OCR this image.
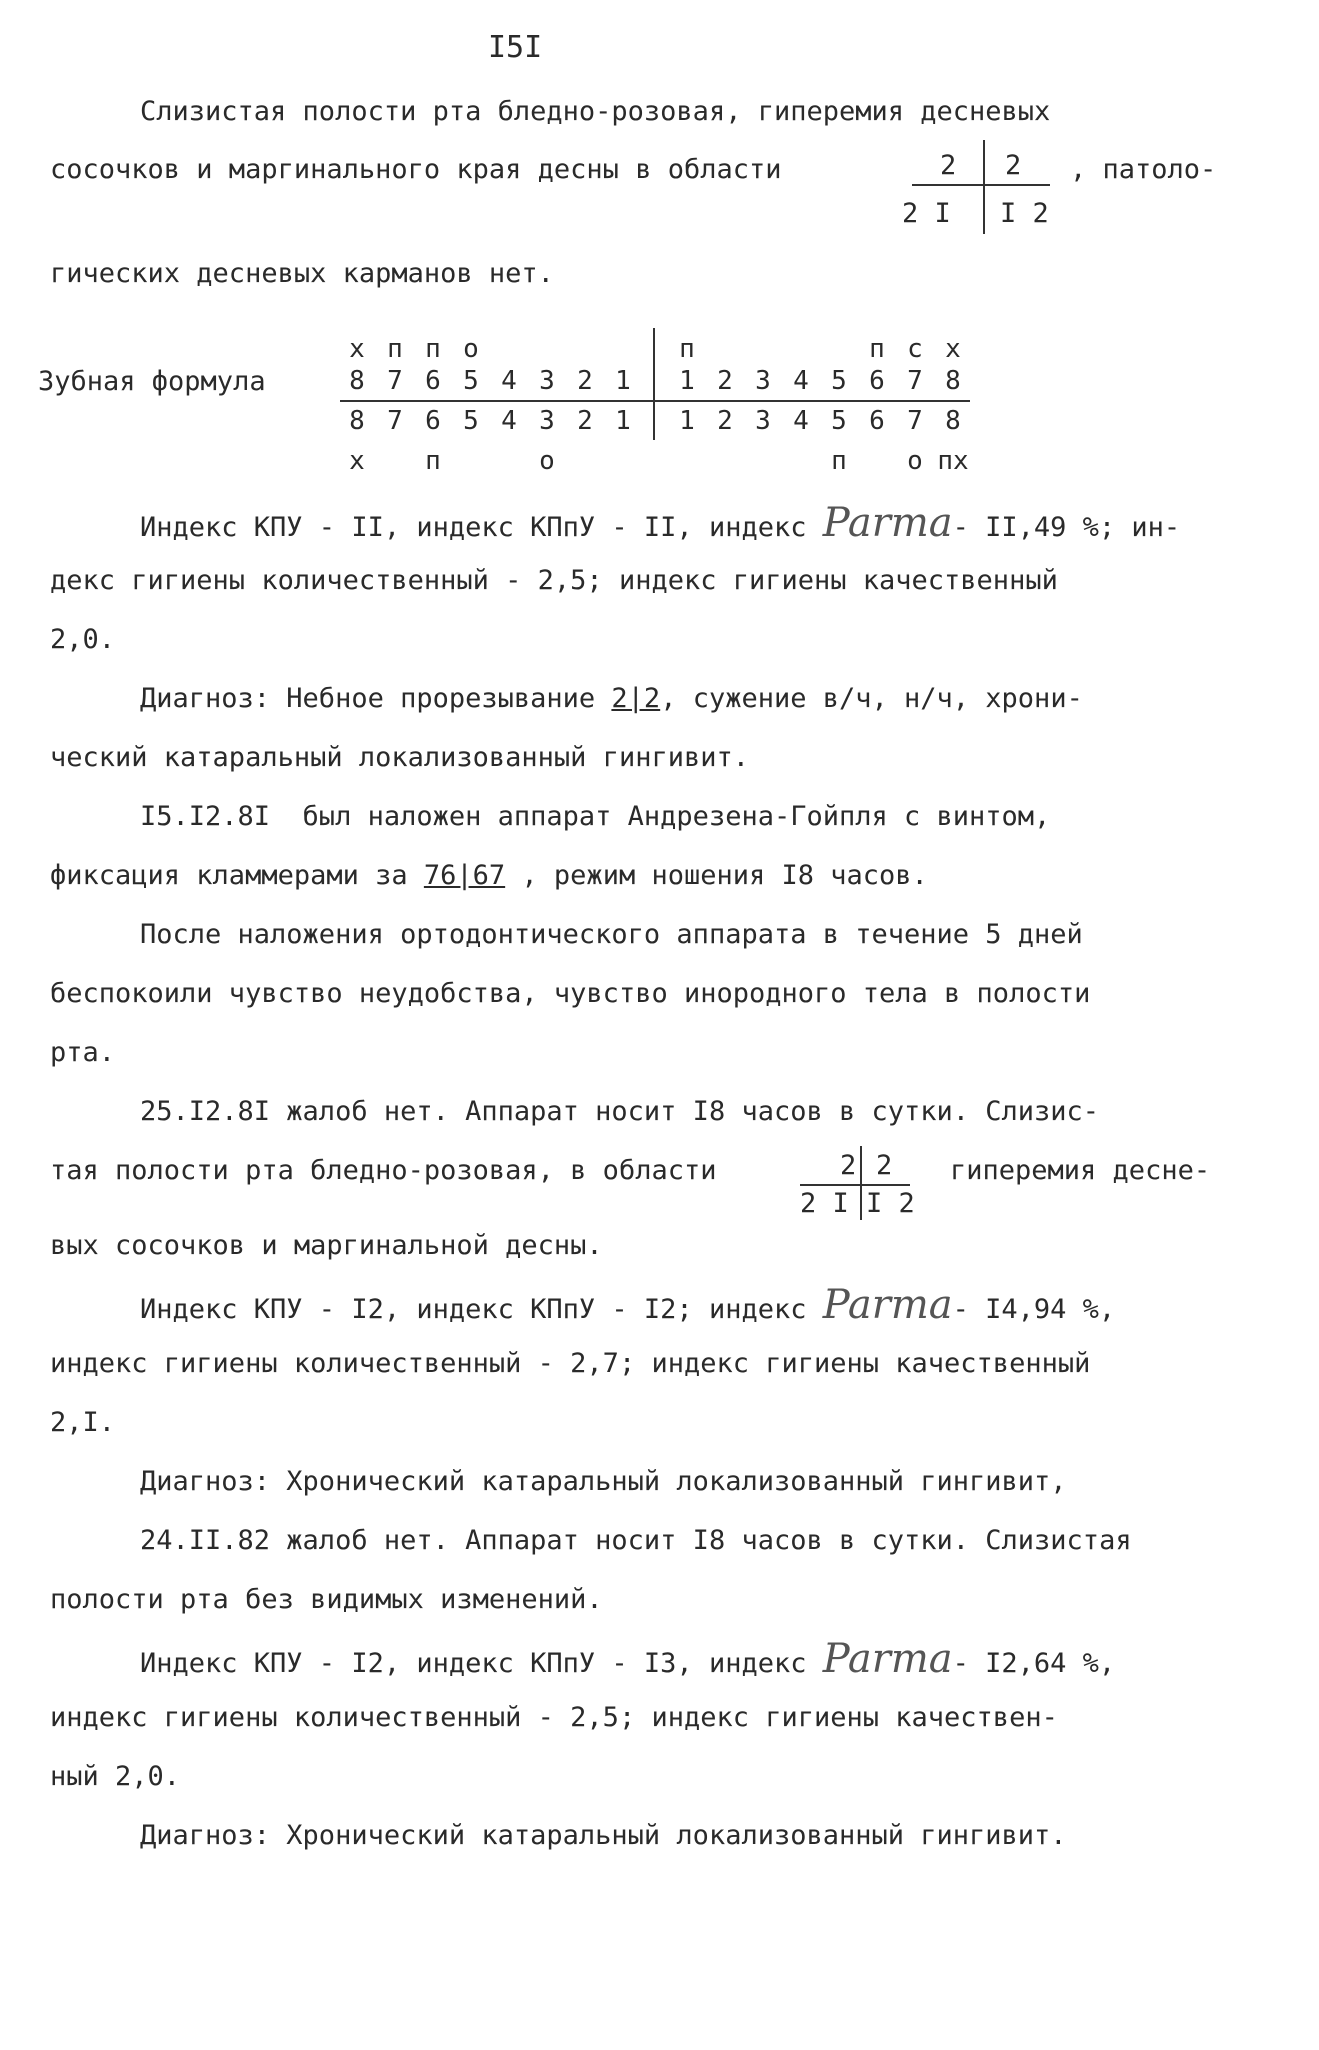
I5I
Слизистая полости рта бледно-розовая, гиперемия десневых
сосочков и маргинального края десны в области	2 2
2 I I 2
, патоло-
гических десневых карманов нет.
Зубная формула
х п п о	п	п с х
8 7 6 5 4 3 2 1	1 2 3 4 5 6 7 8
8 7 6 5 4 3 2 1	1 2 3 4 5 6 7 8
х	п	о	п	о пх
Индекс КПУ - II, индекс КПпУ - II, индекс Parma- II,49 %; ин-
декс гигиены количественный - 2,5; индекс гигиены качественный
2,0.
Диагноз: Небное прорезывание 2|2, сужение в/ч, н/ч, хрони-
ческий катаральный локализованный гингивит.
I5.I2.8I  был наложен аппарат Андрезена-Гойпля с винтом,
фиксация кламмерами за 76|67 , режим ношения I8 часов.
После наложения ортодонтического аппарата в течение 5 дней
беспокоили чувство неудобства, чувство инородного тела в полости
рта.
25.I2.8I жалоб нет. Аппарат носит I8 часов в сутки. Слизис-
тая полости рта бледно-розовая, в области	2 2
2 I I 2
гиперемия десне-
вых сосочков и маргинальной десны.
Индекс КПУ - I2, индекс КПпУ - I2; индекс Parma- I4,94 %,
индекс гигиены количественный - 2,7; индекс гигиены качественный
2,I.
Диагноз: Хронический катаральный локализованный гингивит,
24.II.82 жалоб нет. Аппарат носит I8 часов в сутки. Слизистая
полости рта без видимых изменений.
Индекс КПУ - I2, индекс КПпУ - I3, индекс Parma- I2,64 %,
индекс гигиены количественный - 2,5; индекс гигиены качествен-
ный 2,0.
Диагноз: Хронический катаральный локализованный гингивит.
